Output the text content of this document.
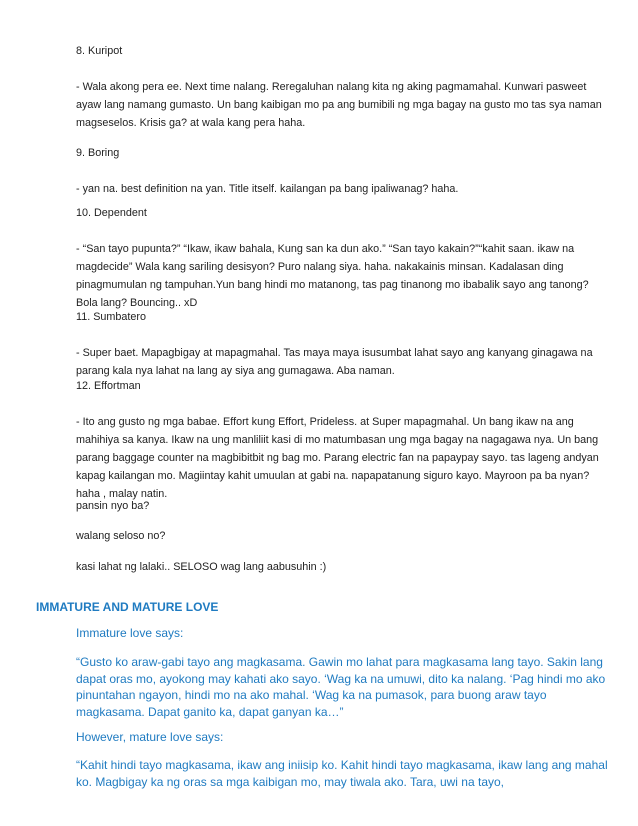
8. Kuripot

- Wala akong pera ee. Next time nalang. Reregaluhan nalang kita ng aking pagmamahal. Kunwari pasweet ayaw lang namang gumasto. Un bang kaibigan mo pa ang bumibili ng mga bagay na gusto mo tas sya naman magseselos. Krisis ga? at wala kang pera haha.

9. Boring

- yan na. best definition na yan. Title itself. kailangan pa bang ipaliwanag? haha.

10. Dependent

- “San tayo pupunta?” “Ikaw, ikaw bahala, Kung san ka dun ako.” “San tayo kakain?”“kahit saan. ikaw na magdecide” Wala kang sariling desisyon? Puro nalang siya. haha. nakakainis minsan. Kadalasan ding pinagmumulan ng tampuhan.Yun bang hindi mo matanong, tas pag tinanong mo ibabalik sayo ang tanong? Bola lang? Bouncing.. xD

11. Sumbatero

- Super baet. Mapagbigay at mapagmahal. Tas maya maya isusumbat lahat sayo ang kanyang ginagawa na parang kala nya lahat na lang ay siya ang gumagawa. Aba naman.

12. Effortman

- Ito ang gusto ng mga babae. Effort kung Effort, Prideless. at Super mapagmahal. Un bang ikaw na ang mahihiya sa kanya. Ikaw na ung manliliit kasi di mo matumbasan ung mga bagay na nagagawa nya. Un bang parang baggage counter na magbibitbit ng bag mo. Parang electric fan na papaypay sayo. tas lageng andyan kapag kailangan mo. Magiintay kahit umuulan at gabi na. napapatanung siguro kayo. Mayroon pa ba nyan? haha , malay natin.

pansin nyo ba?

walang seloso no?

kasi lahat ng lalaki.. SELOSO wag lang aabusuhin :)

IMMATURE AND MATURE LOVE

Immature love says:

“Gusto ko araw-gabi tayo ang magkasama. Gawin mo lahat para magkasama lang tayo. Sakin lang dapat oras mo, ayokong may kahati ako sayo. ‘Wag ka na umuwi, dito ka nalang. ‘Pag hindi mo ako pinuntahan ngayon, hindi mo na ako mahal. ‘Wag ka na pumasok, para buong araw tayo magkasama. Dapat ganito ka, dapat ganyan ka…”

However, mature love says:

“Kahit hindi tayo magkasama, ikaw ang iniisip ko. Kahit hindi tayo magkasama, ikaw lang ang mahal ko. Magbigay ka ng oras sa mga kaibigan mo, may tiwala ako. Tara, uwi na tayo,
